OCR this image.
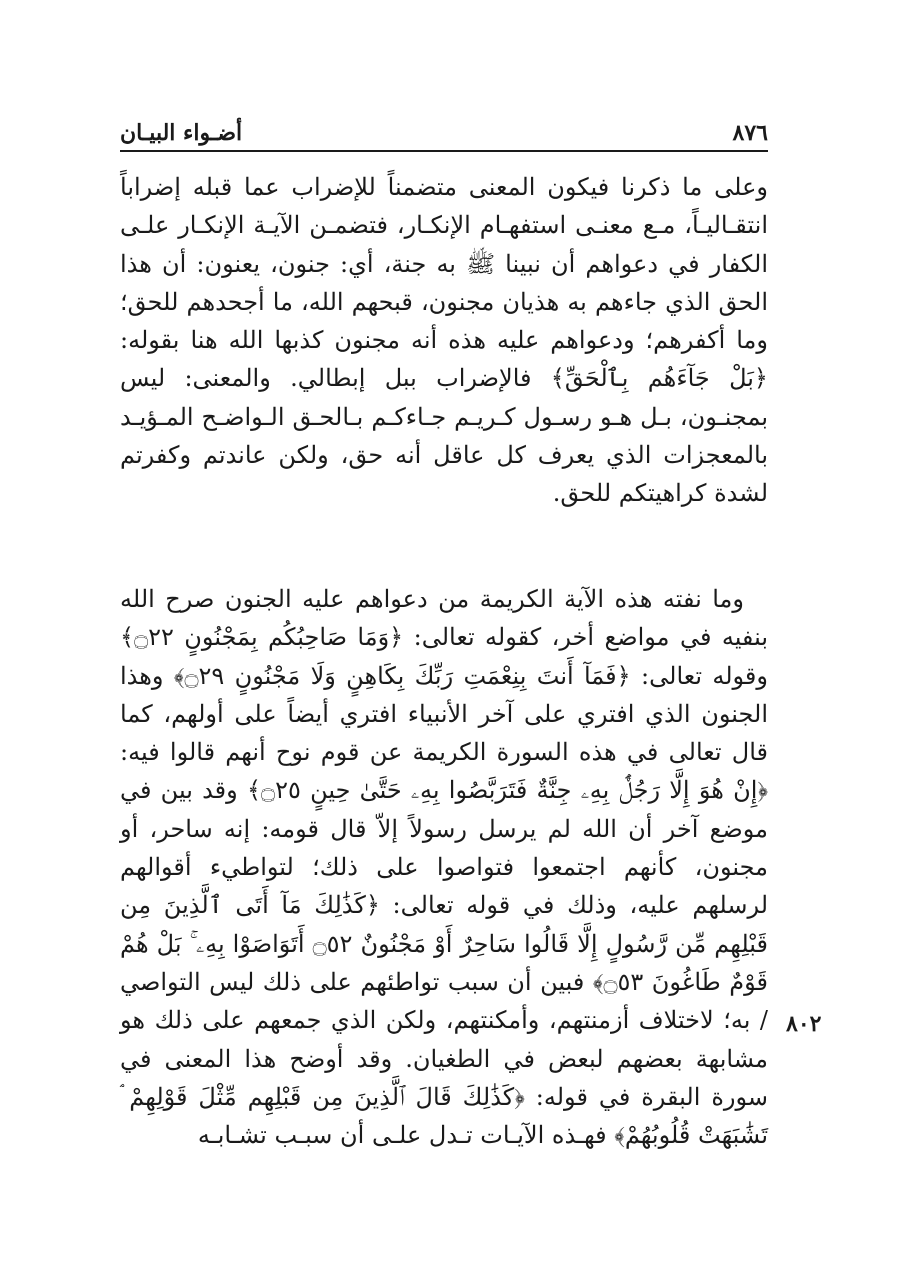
٨٧٦
أضـواء البيـان

وعلى ما ذكرنا فيكون المعنى متضمناً للإضراب عما قبله إضراباً انتقـاليـاً، مـع معنـى استفهـام الإنكـار، فتضمـن الآيـة الإنكـار علـى الكفار في دعواهم أن نبينا ﷺ به جنة، أي: جنون، يعنون: أن هذا الحق الذي جاءهم به هذيان مجنون، قبحهم الله، ما أجحدهم للحق؛ وما أكفرهم؛ ودعواهم عليه هذه أنه مجنون كذبها الله هنا بقوله: ﴿بَلْ جَآءَهُم بِٱلْحَقِّ﴾ فالإضراب ببل إبطالي. والمعنى: ليس بمجنـون، بـل هـو رسـول كـريـم جـاءكـم بـالحـق الـواضـح المـؤيـد بالمعجزات الذي يعرف كل عاقل أنه حق، ولكن عاندتم وكفرتم لشدة كراهيتكم للحق.

وما نفته هذه الآية الكريمة من دعواهم عليه الجنون صرح الله بنفيه في مواضع أخر، كقوله تعالى: ﴿وَمَا صَاحِبُكُم بِمَجْنُونٍ ۝٢٢﴾ وقوله تعالى: ﴿فَمَآ أَنتَ بِنِعْمَتِ رَبِّكَ بِكَاهِنٍ وَلَا مَجْنُونٍ ۝٢٩﴾ وهذا الجنون الذي افتري على آخر الأنبياء افتري أيضاً على أولهم، كما قال تعالى في هذه السورة الكريمة عن قوم نوح أنهم قالوا فيه: ﴿إِنْ هُوَ إِلَّا رَجُلٌۢ بِهِۦ جِنَّةٌ فَتَرَبَّصُوا بِهِۦ حَتَّىٰ حِينٍ ۝٢٥﴾ وقد بين في موضع آخر أن الله لم يرسل رسولاً إلاّ قال قومه: إنه ساحر، أو مجنون، كأنهم اجتمعوا فتواصوا على ذلك؛ لتواطيء أقوالهم لرسلهم عليه، وذلك في قوله تعالى: ﴿كَذَٰلِكَ مَآ أَتَى ٱلَّذِينَ مِن قَبْلِهِم مِّن رَّسُولٍ إِلَّا قَالُوا سَاحِرٌ أَوْ مَجْنُونٌ ۝٥٢ أَتَوَاصَوْا بِهِۦ ۚ بَلْ هُمْ قَوْمٌ طَاغُونَ ۝٥٣﴾ فبين أن سبب تواطئهم على ذلك ليس التواصي / به؛ لاختلاف أزمنتهم، وأمكنتهم، ولكن الذي جمعهم على ذلك هو مشابهة بعضهم لبعض في الطغيان. وقد أوضح هذا المعنى في سورة البقرة في قوله: ﴿كَذَٰلِكَ قَالَ ٱلَّذِينَ مِن قَبْلِهِم مِّثْلَ قَوْلِهِمْ ۘ تَشَٰبَهَتْ قُلُوبُهُمْ﴾ فهـذه الآيـات تـدل علـى أن سبـب تشـابـه

٨٠٢
